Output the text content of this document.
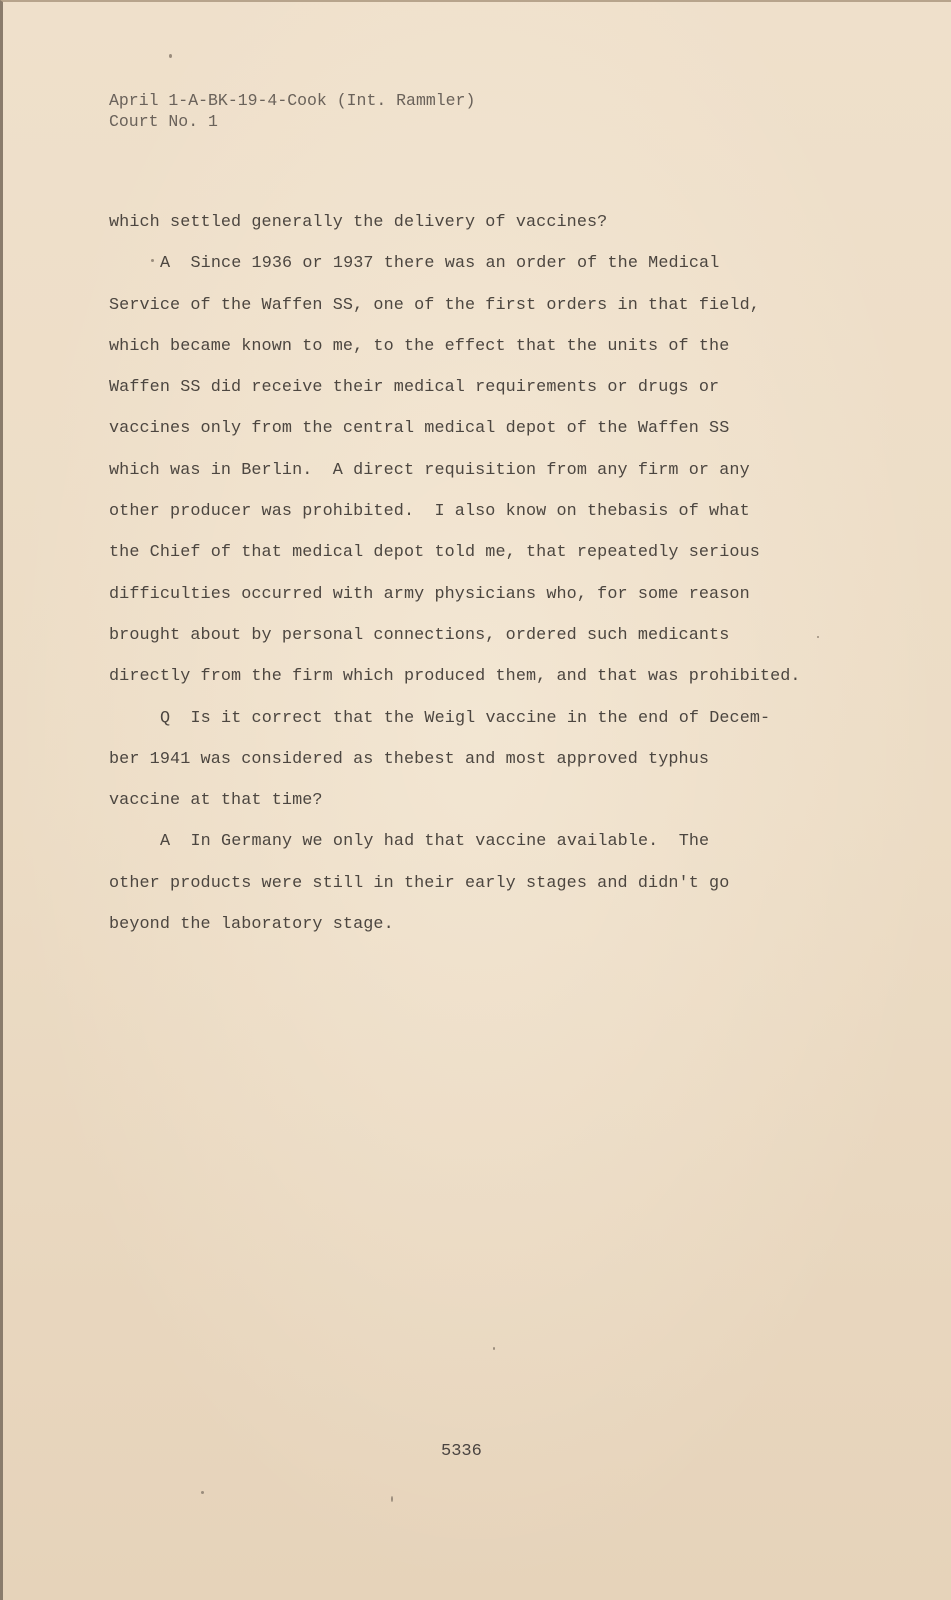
April 1-A-BK-19-4-Cook (Int. Rammler)
Court No. 1
which settled generally the delivery of vaccines?
A  Since 1936 or 1937 there was an order of the Medical
Service of the Waffen SS, one of the first orders in that field,
which became known to me, to the effect that the units of the
Waffen SS did receive their medical requirements or drugs or
vaccines only from the central medical depot of the Waffen SS
which was in Berlin.  A direct requisition from any firm or any
other producer was prohibited.  I also know on thebasis of what
the Chief of that medical depot told me, that repeatedly serious
difficulties occurred with army physicians who, for some reason
brought about by personal connections, ordered such medicants
directly from the firm which produced them, and that was prohibited.
Q  Is it correct that the Weigl vaccine in the end of Decem-
ber 1941 was considered as thebest and most approved typhus
vaccine at that time?
A  In Germany we only had that vaccine available.  The
other products were still in their early stages and didn't go
beyond the laboratory stage.
5336
